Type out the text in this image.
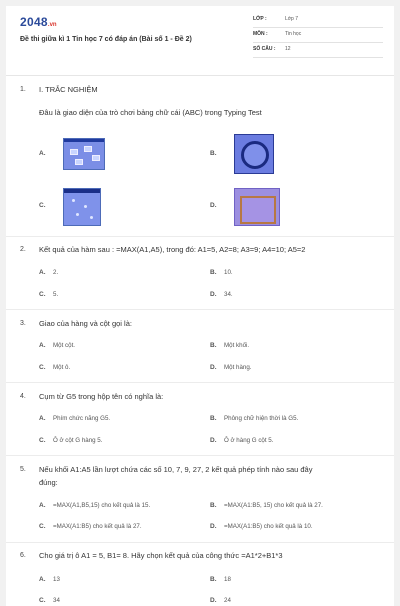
2048.vn
Đề thi giữa kì 1 Tin học 7 có đáp án (Bài số 1 - Đề 2)
LỚP :	Lớp 7
MÔN :	Tin học
SỐ CÂU : 12
1. I. TRẮC NGHIỆM
Đâu là giao diện của trò chơi bảng chữ cái (ABC) trong Typing Test
A.	B.
C.	D.
2. Kết quả của hàm sau : =MAX(A1,A5), trong đó: A1=5, A2=8; A3=9; A4=10; A5=2
A. 2.	B. 10.
C. 5.	D. 34.
3. Giao của hàng và cột gọi là:
A. Một cột.	B. Một khối.
C. Một ô.	D. Một hàng.
4. Cụm từ G5 trong hộp tên có nghĩa là:
A. Phím chức năng G5.	B. Phông chữ hiện thời là G5.
C. Ô ở cột G hàng 5.	D. Ô ở hàng G cột 5.
5. Nếu khối A1:A5 lần lượt chứa các số 10, 7, 9, 27, 2 kết quả phép tính nào sau đây
đúng:
A. =MAX(A1,B5,15) cho kết quả là 15.	B. =MAX(A1:B5, 15) cho kết quả là 27.
C. =MAX(A1:B5) cho kết quả là 27.	D. =MAX(A1:B5) cho kết quả là 10.
6. Cho giá trị ô A1 = 5, B1= 8. Hãy chọn kết quả của công thức =A1*2+B1*3
A. 13	B. 18
C. 34	D. 24
